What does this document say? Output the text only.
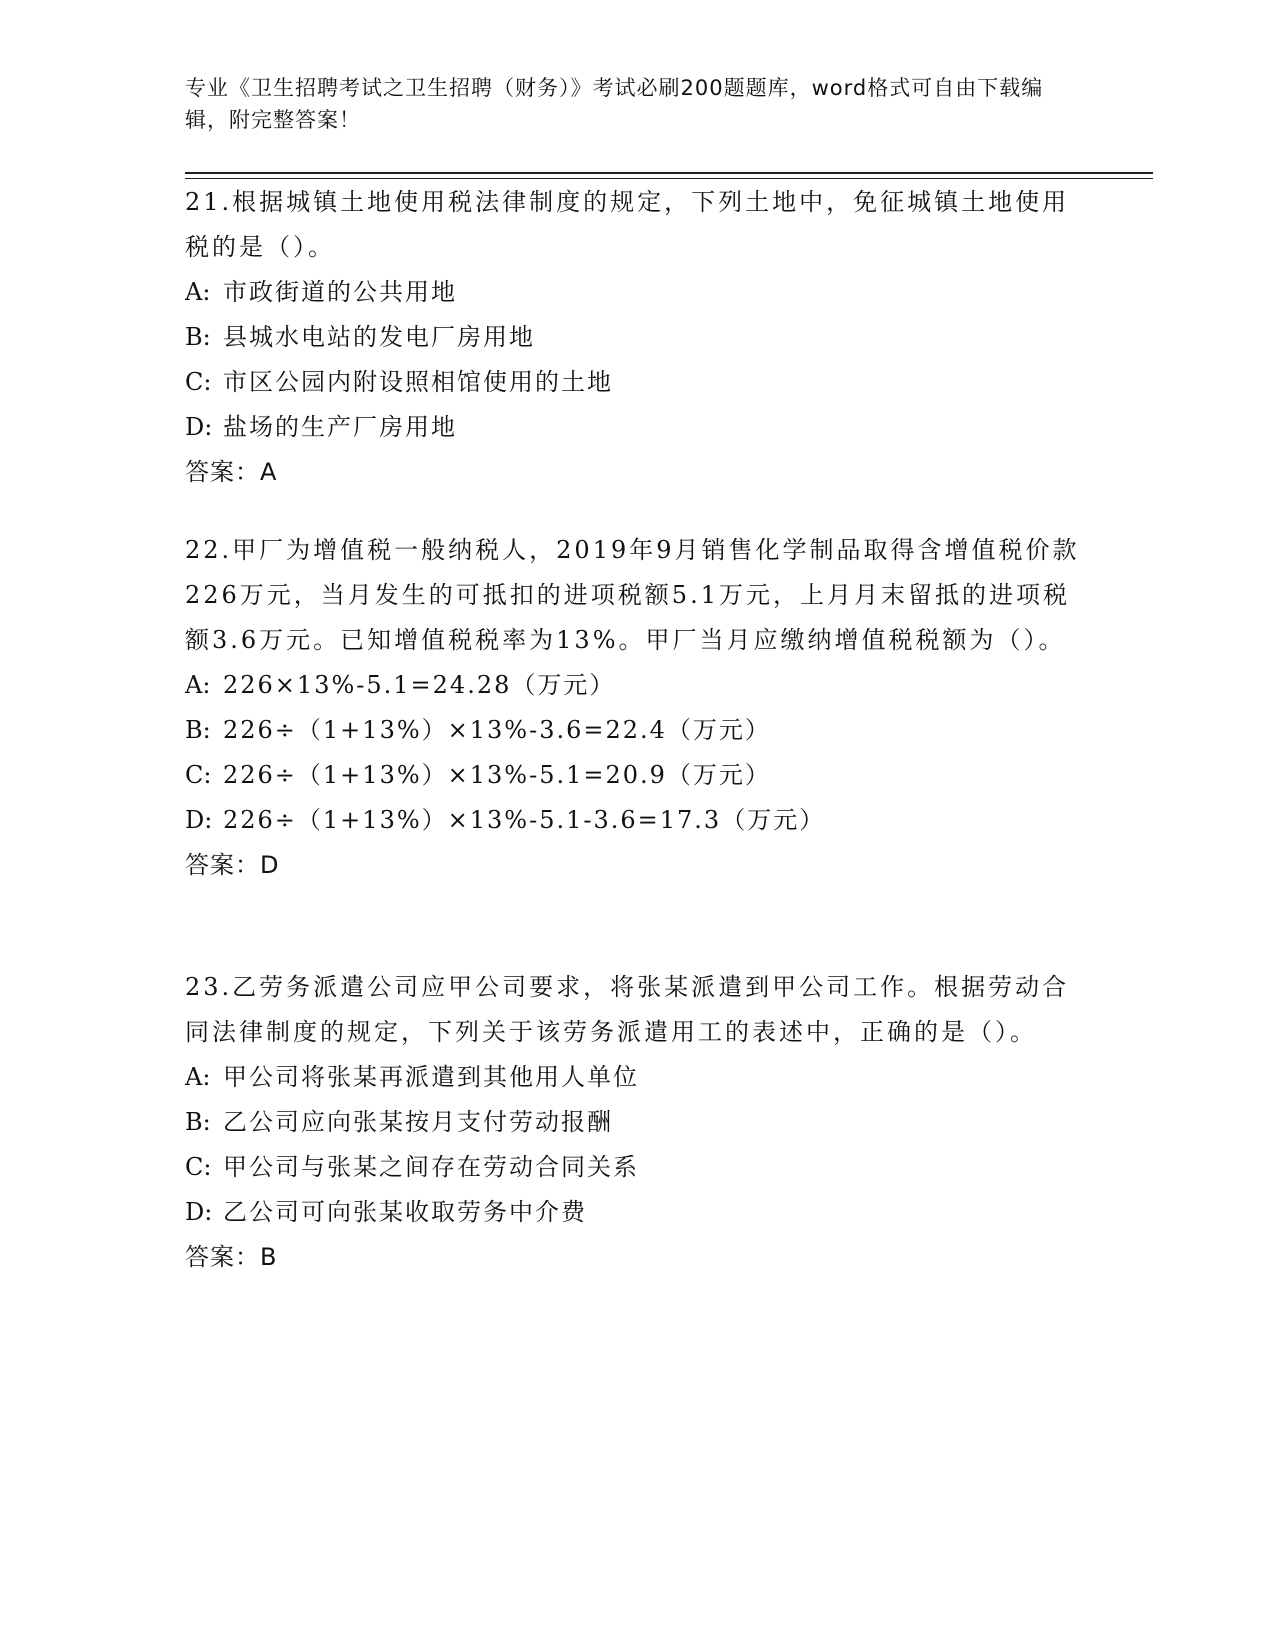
专业《卫生招聘考试之卫生招聘（财务）》考试必刷200题题库，word格式可自由下载编辑，附完整答案！
21.根据城镇土地使用税法律制度的规定，下列土地中，免征城镇土地使用税的是（）。
A: 市政街道的公共用地
B: 县城水电站的发电厂房用地
C: 市区公园内附设照相馆使用的土地
D: 盐场的生产厂房用地
答案：A
22.甲厂为增值税一般纳税人，2019年9月销售化学制品取得含增值税价款226万元，当月发生的可抵扣的进项税额5.1万元，上月月末留抵的进项税额3.6万元。已知增值税税率为13%。甲厂当月应缴纳增值税税额为（）。
A: 226×13%-5.1=24.28（万元）
B: 226÷（1+13%）×13%-3.6=22.4（万元）
C: 226÷（1+13%）×13%-5.1=20.9（万元）
D: 226÷（1+13%）×13%-5.1-3.6=17.3（万元）
答案：D
23.乙劳务派遣公司应甲公司要求，将张某派遣到甲公司工作。根据劳动合同法律制度的规定，下列关于该劳务派遣用工的表述中，正确的是（）。
A: 甲公司将张某再派遣到其他用人单位
B: 乙公司应向张某按月支付劳动报酬
C: 甲公司与张某之间存在劳动合同关系
D: 乙公司可向张某收取劳务中介费
答案：B
